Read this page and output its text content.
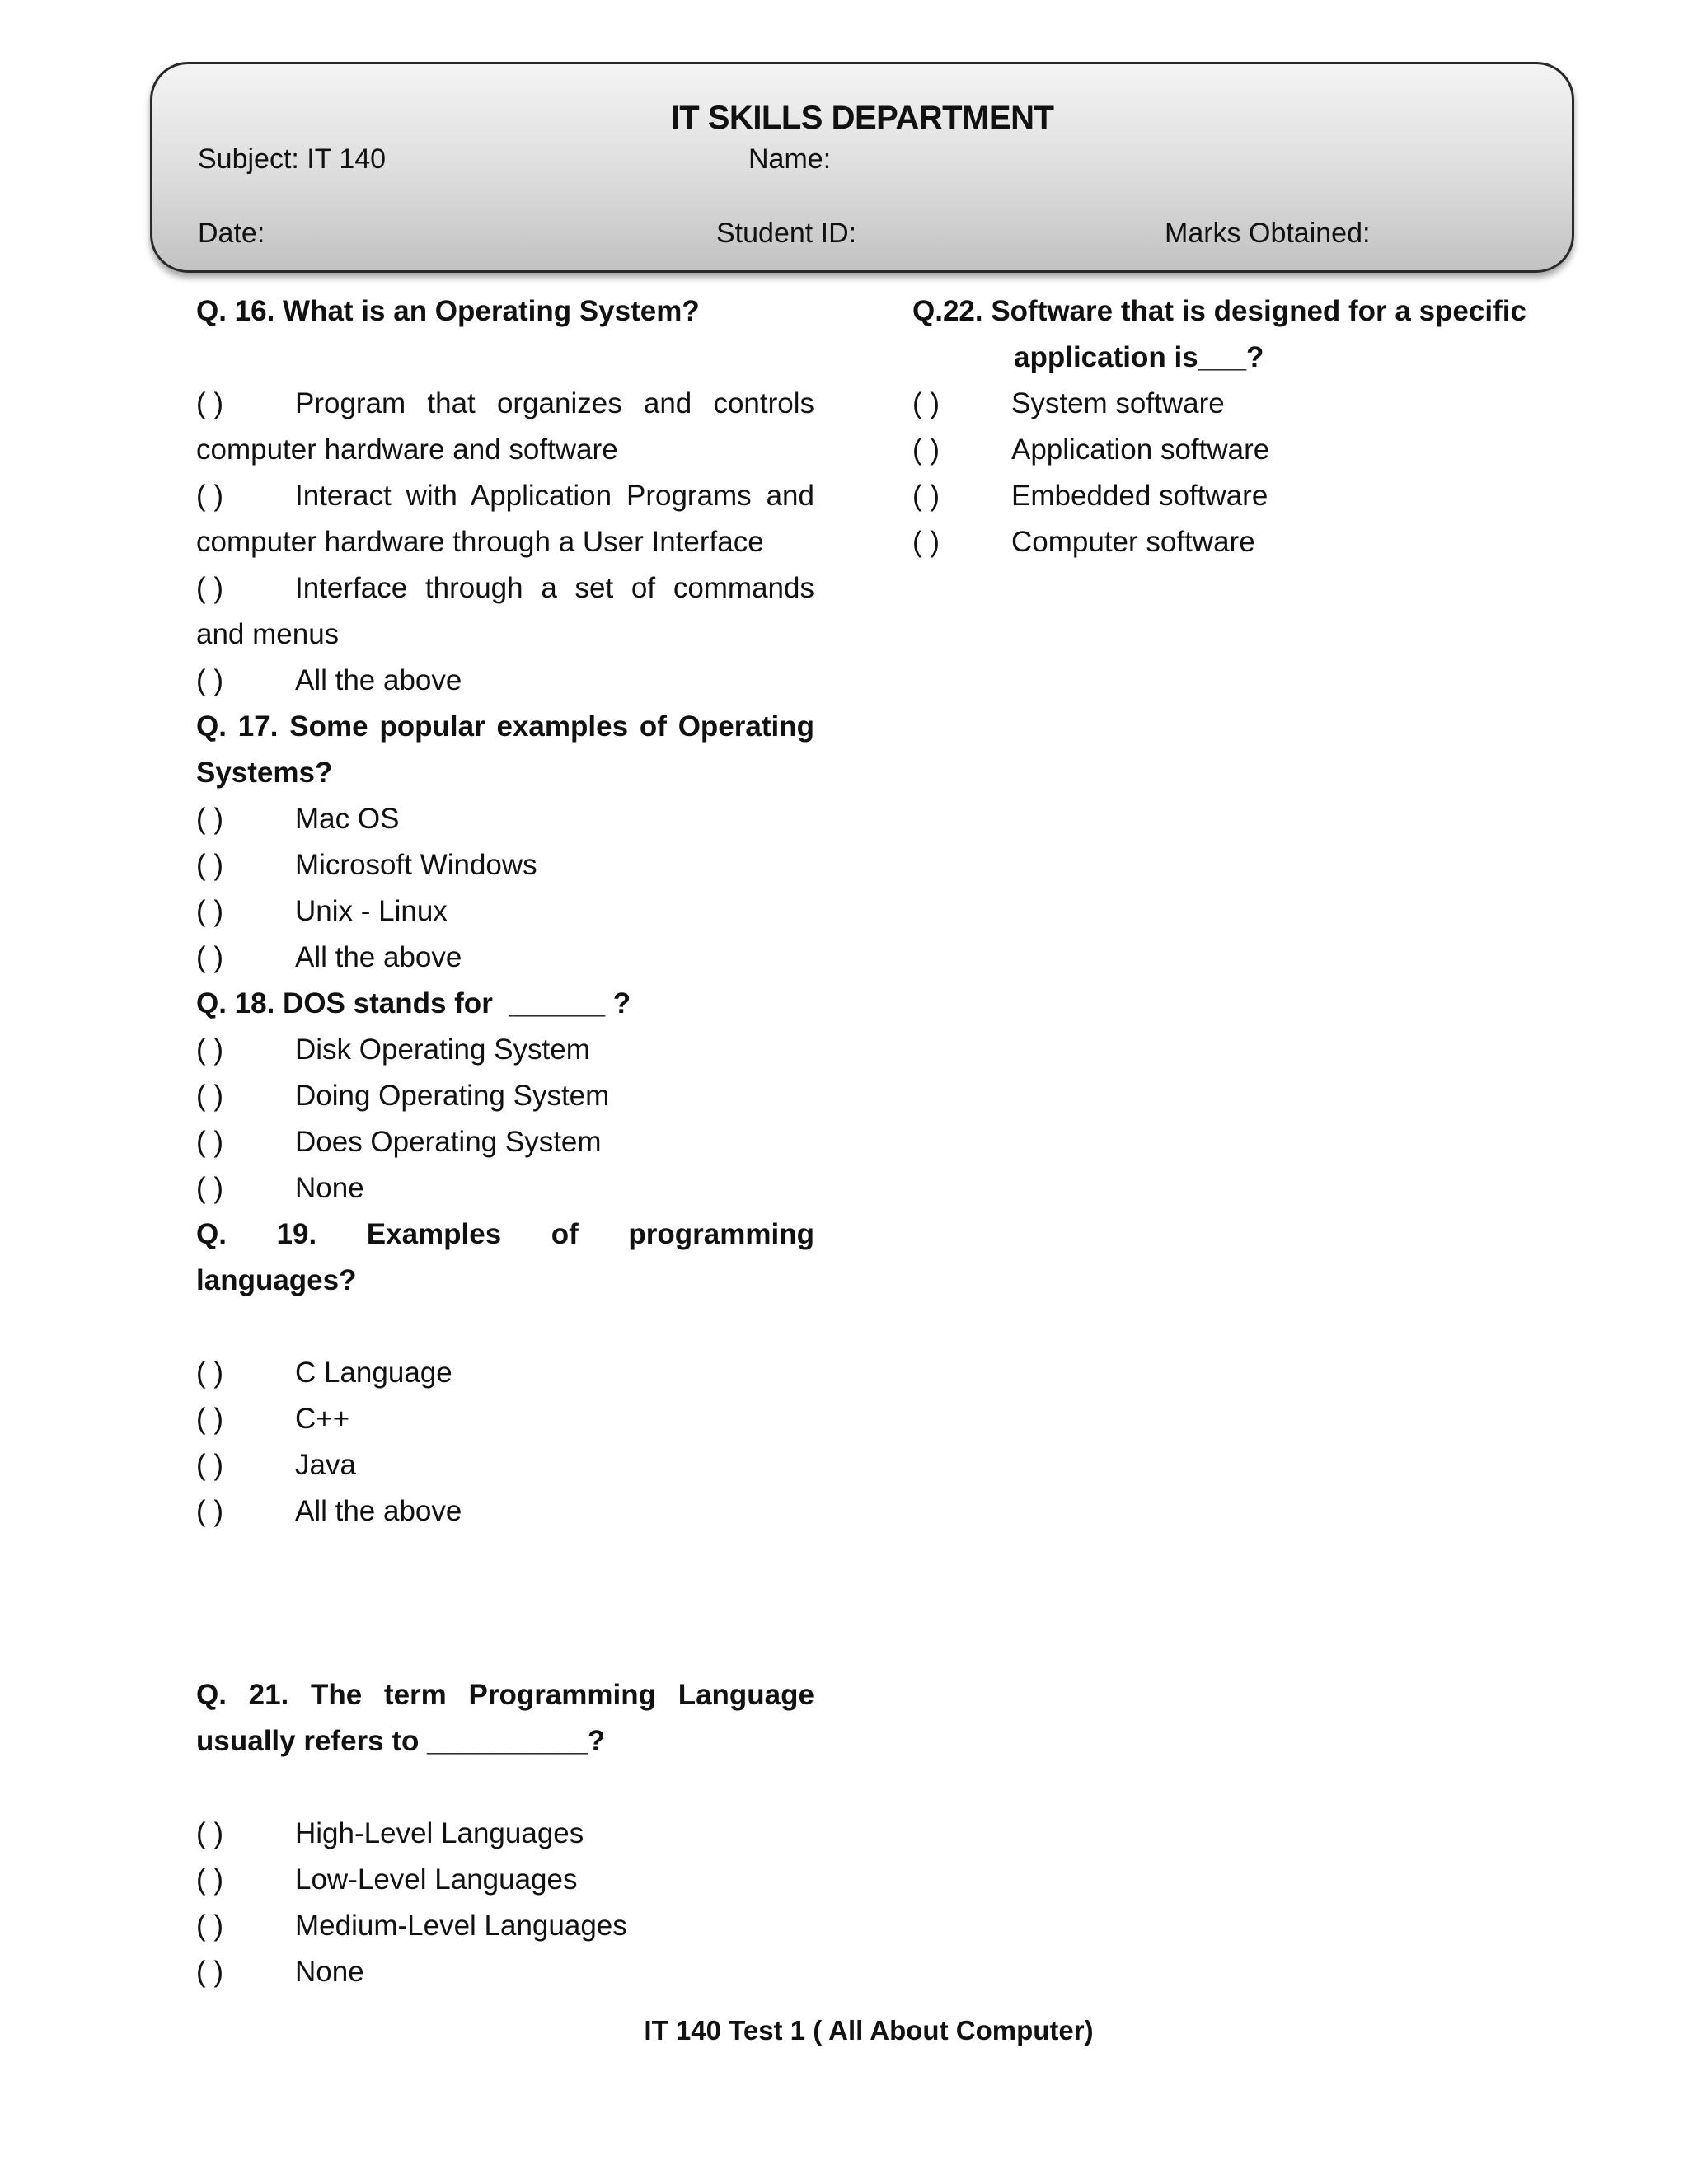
IT SKILLS DEPARTMENT
Subject: IT 140	Name:
Date:	Student ID:	Marks Obtained:
Q. 16. What is an Operating System?
( ) Program that organizes and controls computer hardware and software
( ) Interact with Application Programs and computer hardware through a User Interface
( ) Interface through a set of commands and menus
( ) All the above
Q. 17. Some popular examples of Operating Systems?
( ) Mac OS
( ) Microsoft Windows
( ) Unix - Linux
( ) All the above
Q. 18. DOS stands for  ______ ?
( ) Disk Operating System
( ) Doing Operating System
( ) Does Operating System
( ) None
Q. 19. Examples of programming languages?
( ) C Language
( ) C++
( ) Java
( ) All the above
Q. 21. The term Programming Language usually refers to __________?
( ) High-Level Languages
( ) Low-Level Languages
( ) Medium-Level Languages
( ) None
Q.22. Software that is designed for a specific
application is___?
( ) System software
( ) Application software
( ) Embedded software
( ) Computer software
IT 140 Test 1 ( All About Computer)
